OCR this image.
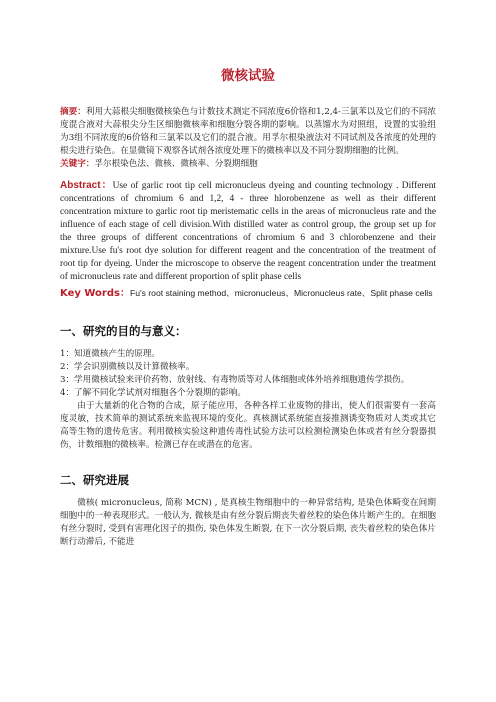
微核试验

摘要：利用大蒜根尖细胞微核染色与计数技术测定不同浓度6价铬和1,2,4-三氯苯以及它们的不同浓度混合液对大蒜根尖分生区细胞微核率和细胞分裂各期的影响。以蒸馏水为对照组，设置的实验组为3组不同浓度的6价铬和三氯苯以及它们的混合液。用孚尔根染液法对不同试剂及各浓度的处理的根尖进行染色。在显微镜下观察各试剂各浓度处理下的微核率以及不同分裂期细胞的比例。

关键字：孚尔根染色法、微核、微核率、分裂期细胞

Abstract：Use of garlic root tip cell micronucleus dyeing and counting technology . Different concentrations of chromium 6 and 1,2, 4 - three hlorobenzene as well as their different concentration mixture to garlic root tip meristematic cells in the areas of micronucleus rate and the influence of each stage of cell division.With distilled water as control group, the group set up for the three groups of different concentrations of chromium 6 and 3 chlorobenzene and their mixture.Use fu's root dye solution for different reagent and the concentration of the treatment of root tip for dyeing. Under the microscope to observe the reagent concentration under the treatment of micronucleus rate and different proportion of split phase cells

Key Words：Fu's root staining method、micronucleus、Micronucleus rate、Split phase cells

一、研究的目的与意义：

1：知道微核产生的原理。

2：学会识别微核以及计算微核率。

3：学用微核试验来评价药物、放射线、有毒物质等对人体细胞或体外培养细胞遗传学损伤。

4：了解不同化学试剂对细胞各个分裂期的影响。

由于大量新的化合物的合成，原子能应用，各种各样工业废物的排出，使人们很需要有一套高度灵敏，技术简单的测试系统来监视环境的变化。真核测试系统能直接推测诱变物质对人类或其它高等生物的遗传危害。利用微核实验这种遗传毒性试验方法可以检测检测染色体或者有丝分裂器损伤，计数细胞的微核率。检测已存在或潜在的危害。

二、研究进展

微核( micronucleus, 简称 MCN) , 是真核生物细胞中的一种异常结构, 是染色体畸变在间期细胞中的一种表现形式。一般认为, 微核是由有丝分裂后期丧失着丝粒的染色体片断产生的。在细胞有丝分裂时, 受到有害理化因子的损伤, 染色体发生断裂, 在下一次分裂后期, 丧失着丝粒的染色体片断行动滞后, 不能进
